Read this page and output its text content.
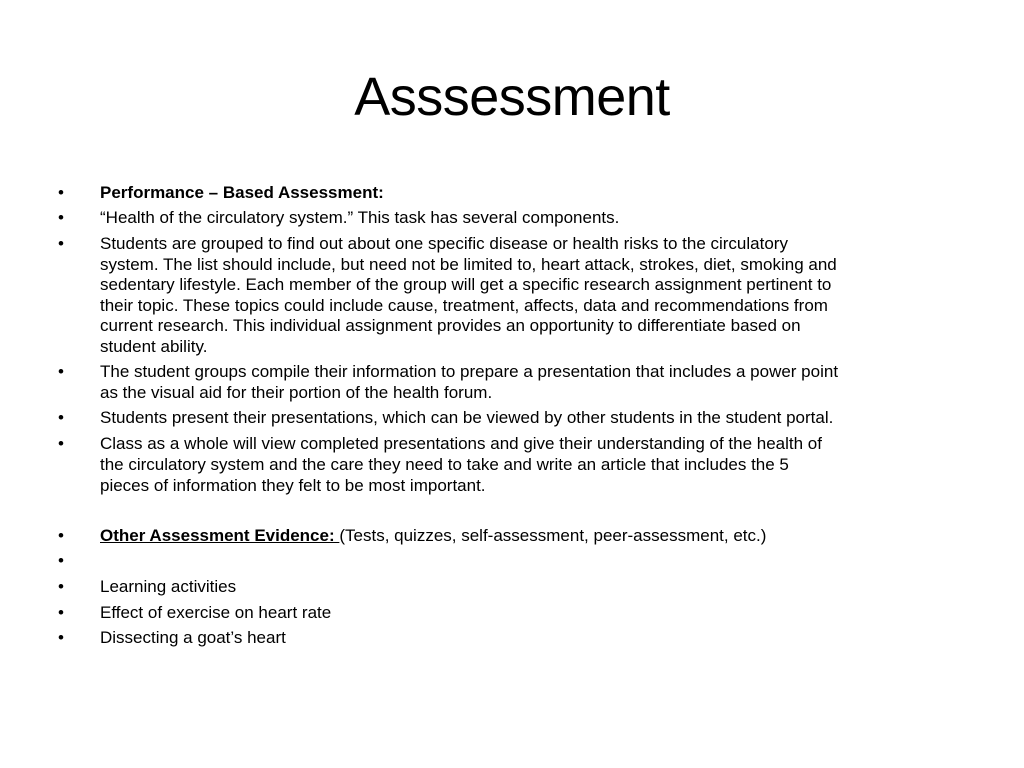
Asssessment
• Performance – Based Assessment:
• “Health of the circulatory system.” This task has several components.
• Students are grouped to find out about one specific disease or health risks to the circulatory
system. The list should include, but need not be limited to, heart attack, strokes, diet, smoking and
sedentary lifestyle. Each member of the group will get a specific research assignment pertinent to
their topic. These topics could include cause, treatment, affects, data and recommendations from
current research. This individual assignment provides an opportunity to differentiate based on
student ability.
• The student groups compile their information to prepare a presentation that includes a power point
as the visual aid for their portion of the health forum.
• Students present their presentations, which can be viewed by other students in the student portal.
• Class as a whole will view completed presentations and give their understanding of the health of
the circulatory system and the care they need to take and write an article that includes the 5
pieces of information they felt to be most important.
• Other Assessment Evidence: (Tests, quizzes, self-assessment, peer-assessment, etc.)
•
• Learning activities
• Effect of exercise on heart rate
• Dissecting a goat’s heart
